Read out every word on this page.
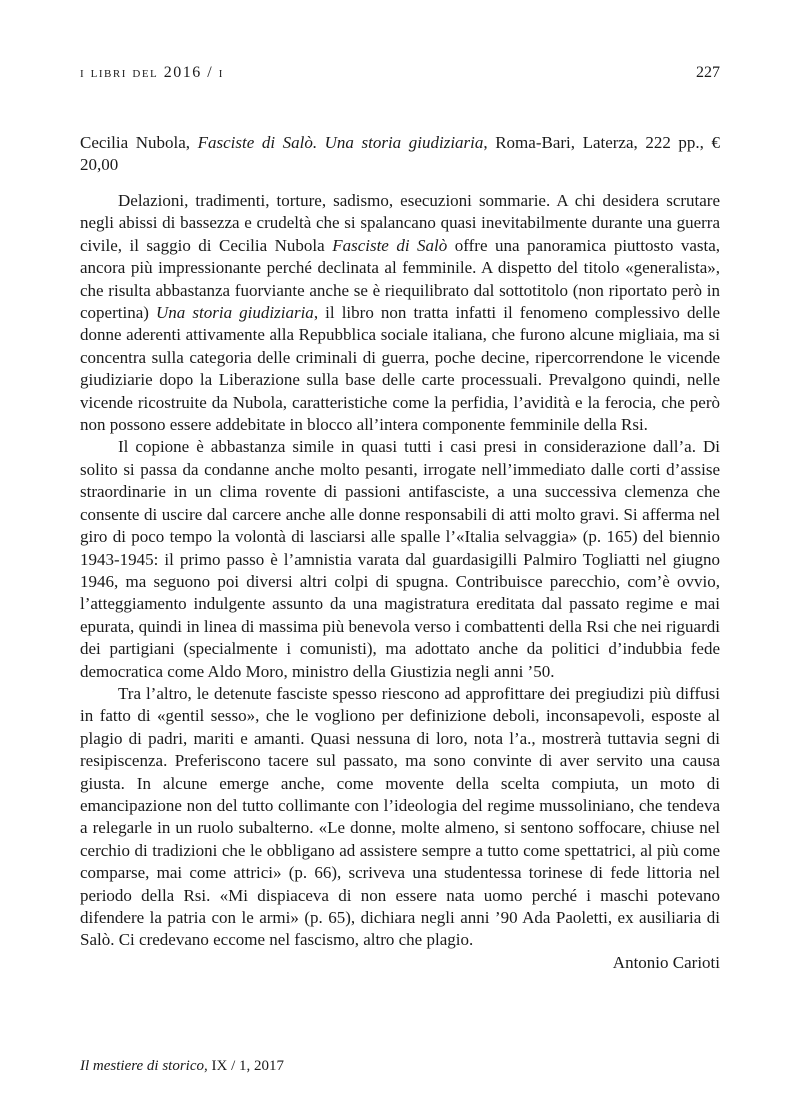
i libri del 2016 / i	227
Cecilia Nubola, Fasciste di Salò. Una storia giudiziaria, Roma-Bari, Laterza, 222 pp., € 20,00

Delazioni, tradimenti, torture, sadismo, esecuzioni sommarie. A chi desidera scrutare negli abissi di bassezza e crudeltà che si spalancano quasi inevitabilmente durante una guerra civile, il saggio di Cecilia Nubola Fasciste di Salò offre una panoramica piuttosto vasta, ancora più impressionante perché declinata al femminile. A dispetto del titolo «generalista», che risulta abbastanza fuorviante anche se è riequilibrato dal sottotitolo (non riportato però in copertina) Una storia giudiziaria, il libro non tratta infatti il fenomeno complessivo delle donne aderenti attivamente alla Repubblica sociale italiana, che furono alcune migliaia, ma si concentra sulla categoria delle criminali di guerra, poche decine, ripercorrendone le vicende giudiziarie dopo la Liberazione sulla base delle carte processuali. Prevalgono quindi, nelle vicende ricostruite da Nubola, caratteristiche come la perfidia, l’avidità e la ferocia, che però non possono essere addebitate in blocco all’intera componente femminile della Rsi.

Il copione è abbastanza simile in quasi tutti i casi presi in considerazione dall’a. Di solito si passa da condanne anche molto pesanti, irrogate nell’immediato dalle corti d’assise straordinarie in un clima rovente di passioni antifasciste, a una successiva clemenza che consente di uscire dal carcere anche alle donne responsabili di atti molto gravi. Si afferma nel giro di poco tempo la volontà di lasciarsi alle spalle l’«Italia selvaggia» (p. 165) del biennio 1943-1945: il primo passo è l’amnistia varata dal guardasigilli Palmiro Togliatti nel giugno 1946, ma seguono poi diversi altri colpi di spugna. Contribuisce parecchio, com’è ovvio, l’atteggiamento indulgente assunto da una magistratura ereditata dal passato regime e mai epurata, quindi in linea di massima più benevola verso i combattenti della Rsi che nei riguardi dei partigiani (specialmente i comunisti), ma adottato anche da politici d’indubbia fede democratica come Aldo Moro, ministro della Giustizia negli anni ’50.

Tra l’altro, le detenute fasciste spesso riescono ad approfittare dei pregiudizi più diffusi in fatto di «gentil sesso», che le vogliono per definizione deboli, inconsapevoli, esposte al plagio di padri, mariti e amanti. Quasi nessuna di loro, nota l’a., mostrerà tuttavia segni di resipiscenza. Preferiscono tacere sul passato, ma sono convinte di aver servito una causa giusta. In alcune emerge anche, come movente della scelta compiuta, un moto di emancipazione non del tutto collimante con l’ideologia del regime mussoliniano, che tendeva a relegarle in un ruolo subalterno. «Le donne, molte almeno, si sentono soffocare, chiuse nel cerchio di tradizioni che le obbligano ad assistere sempre a tutto come spettatrici, al più come comparse, mai come attrici» (p. 66), scriveva una studentessa torinese di fede littoria nel periodo della Rsi. «Mi dispiaceva di non essere nata uomo perché i maschi potevano difendere la patria con le armi» (p. 65), dichiara negli anni ’90 Ada Paoletti, ex ausiliaria di Salò. Ci credevano eccome nel fascismo, altro che plagio.

Antonio Carioti
Il mestiere di storico, IX / 1, 2017
